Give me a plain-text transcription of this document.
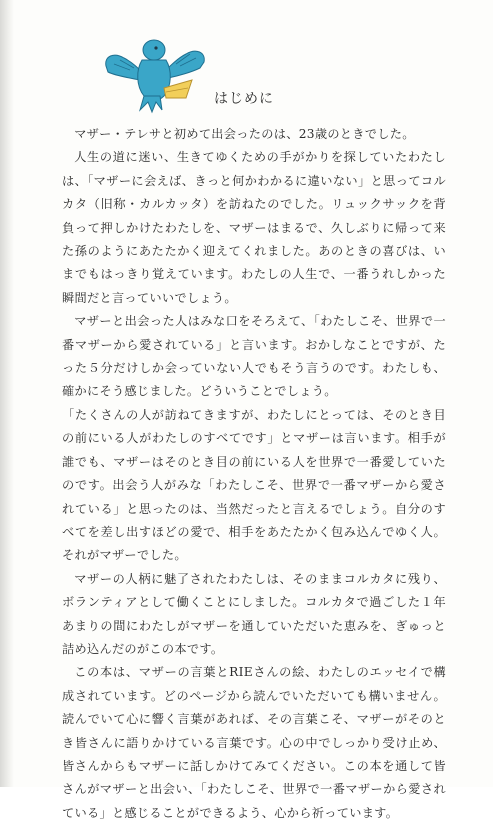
はじめに

マザー・テレサと初めて出会ったのは、23歳のときでした。

人生の道に迷い、生きてゆくための手がかりを探していたわたしは、「マザーに会えば、きっと何かわかるに違いない」と思ってコルカタ（旧称・カルカッタ）を訪ねたのでした。リュックサックを背負って押しかけたわたしを、マザーはまるで、久しぶりに帰って来た孫のようにあたたかく迎えてくれました。あのときの喜びは、いまでもはっきり覚えています。わたしの人生で、一番うれしかった瞬間だと言っていいでしょう。

マザーと出会った人はみな口をそろえて、「わたしこそ、世界で一番マザーから愛されている」と言います。おかしなことですが、たった５分だけしか会っていない人でもそう言うのです。わたしも、確かにそう感じました。どういうことでしょう。

「たくさんの人が訪ねてきますが、わたしにとっては、そのとき目の前にいる人がわたしのすべてです」とマザーは言います。相手が誰でも、マザーはそのとき目の前にいる人を世界で一番愛していたのです。出会う人がみな「わたしこそ、世界で一番マザーから愛されている」と思ったのは、当然だったと言えるでしょう。自分のすべてを差し出すほどの愛で、相手をあたたかく包み込んでゆく人。それがマザーでした。

マザーの人柄に魅了されたわたしは、そのままコルカタに残り、ボランティアとして働くことにしました。コルカタで過ごした１年あまりの間にわたしがマザーを通していただいた恵みを、ぎゅっと詰め込んだのがこの本です。

この本は、マザーの言葉とRIEさんの絵、わたしのエッセイで構成されています。どのページから読んでいただいても構いません。読んでいて心に響く言葉があれば、その言葉こそ、マザーがそのとき皆さんに語りかけている言葉です。心の中でしっかり受け止め、皆さんからもマザーに話しかけてみてください。この本を通して皆さんがマザーと出会い、「わたしこそ、世界で一番マザーから愛されている」と感じることができるよう、心から祈っています。
